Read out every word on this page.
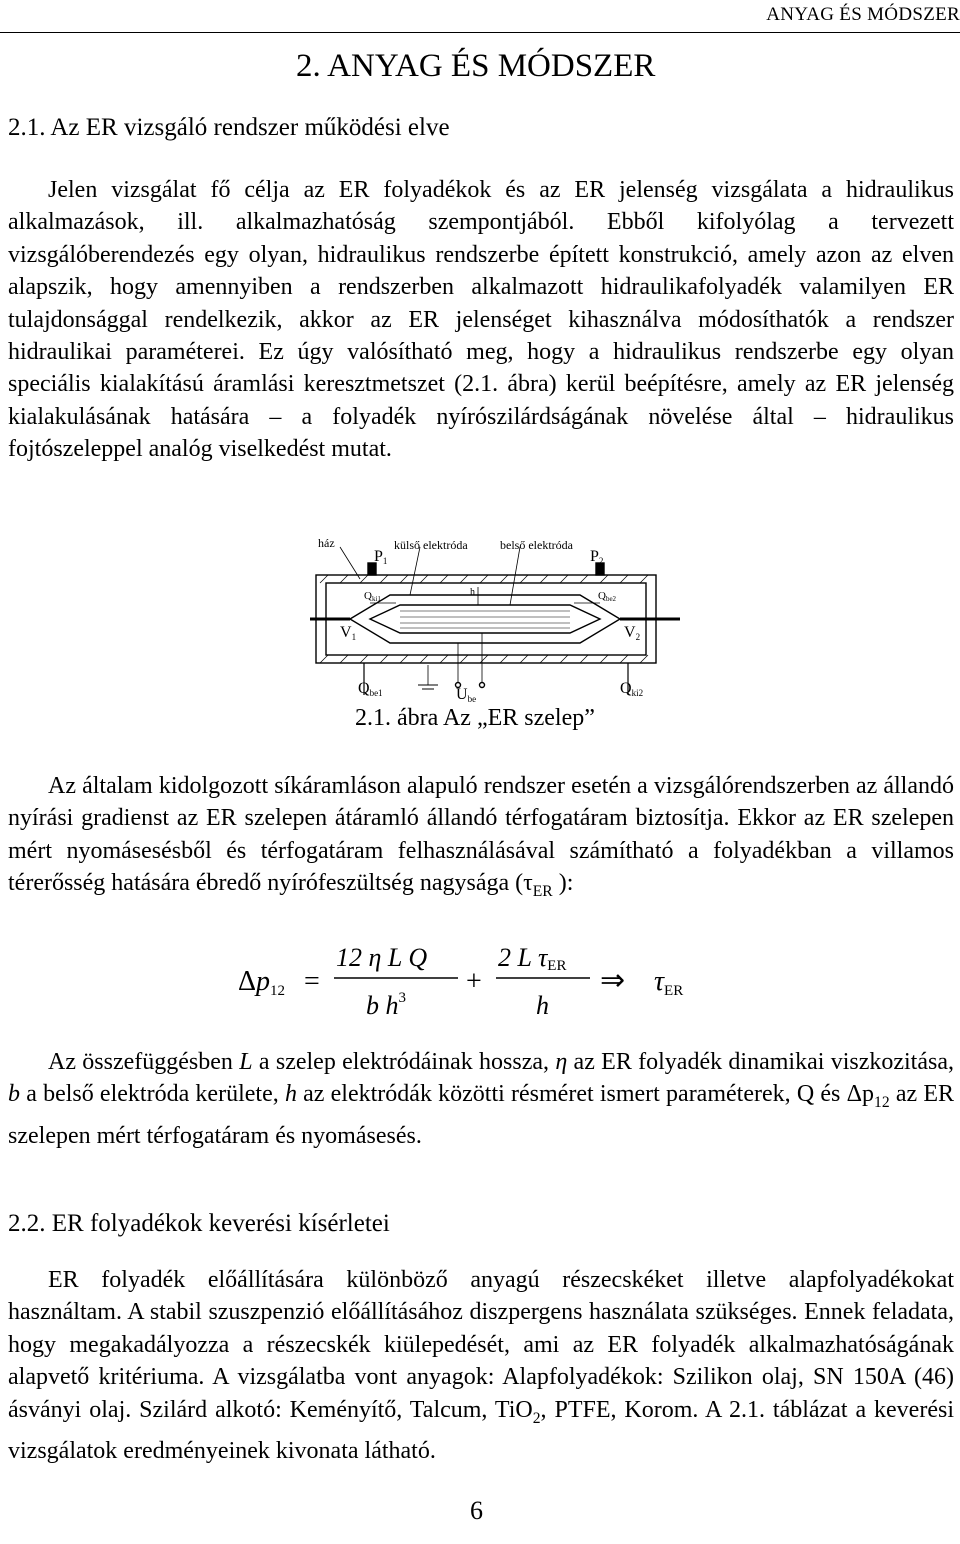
ANYAG ÉS MÓDSZER
2. ANYAG ÉS MÓDSZER
2.1. Az ER vizsgáló rendszer működési elve

Jelen vizsgálat fő célja az ER folyadékok és az ER jelenség vizsgálata a hidraulikus alkalmazások, ill. alkalmazhatóság szempontjából. Ebből kifolyólag a tervezett vizsgálóberendezés egy olyan, hidraulikus rendszerbe épített konstrukció, amely azon az elven alapszik, hogy amennyiben a rendszerben alkalmazott hidraulikafolyadék valamilyen ER tulajdonsággal rendelkezik, akkor az ER jelenséget kihasználva módosíthatók a rendszer hidraulikai paraméterei. Ez úgy valósítható meg, hogy a hidraulikus rendszerbe egy olyan speciális kialakítású áramlási keresztmetszet (2.1. ábra) kerül beépítésre, amely az ER jelenség kialakulásának hatására – a folyadék nyírószilárdságának növelése által – hidraulikus fojtószeleppel analóg viselkedést mutat.

ház
P1
külső elektróda	belső elektróda
P2
h
Qki1	Qbe2
V1	V2
Qbe1	Ube
Qki2
2.1. ábra Az „ER szelep”

Az általam kidolgozott síkáramláson alapuló rendszer esetén a vizsgálórendszerben az állandó nyírási gradienst az ER szelepen átáramló állandó térfogatáram biztosítja. Ekkor az ER szelepen mért nyomásesésből és térfogatáram felhasználásával számítható a folyadékban a villamos térerősség hatására ébredő nyírófeszültség nagysága ($\tau_{ER}$ ):

Δp12 =
12 η L Q
b $h^3$
+
2 L τER
h
⇒ τER

Az összefüggésben L a szelep elektródáinak hossza, η az ER folyadék dinamikai viszkozitása, b a belső elektróda kerülete, h az elektródák közötti résméret ismert paraméterek, Q és $\Delta p_{12}$ az ER szelepen mért térfogatáram és nyomásesés.

2.2. ER folyadékok keverési kísérletei

ER folyadék előállítására különböző anyagú részecskéket illetve alapfolyadékokat használtam. A stabil szuszpenzió előállításához diszpergens használata szükséges. Ennek feladata, hogy megakadályozza a részecskék kiülepedését, ami az ER folyadék alkalmazhatóságának alapvető kritériuma. A vizsgálatba vont anyagok: Alapfolyadékok: Szilikon olaj, SN 150A (46) ásványi olaj. Szilárd alkotó: Keményítő, Talcum, TiO$_2$, PTFE, Korom. A 2.1. táblázat a keverési vizsgálatok eredményeinek kivonata látható.

6
